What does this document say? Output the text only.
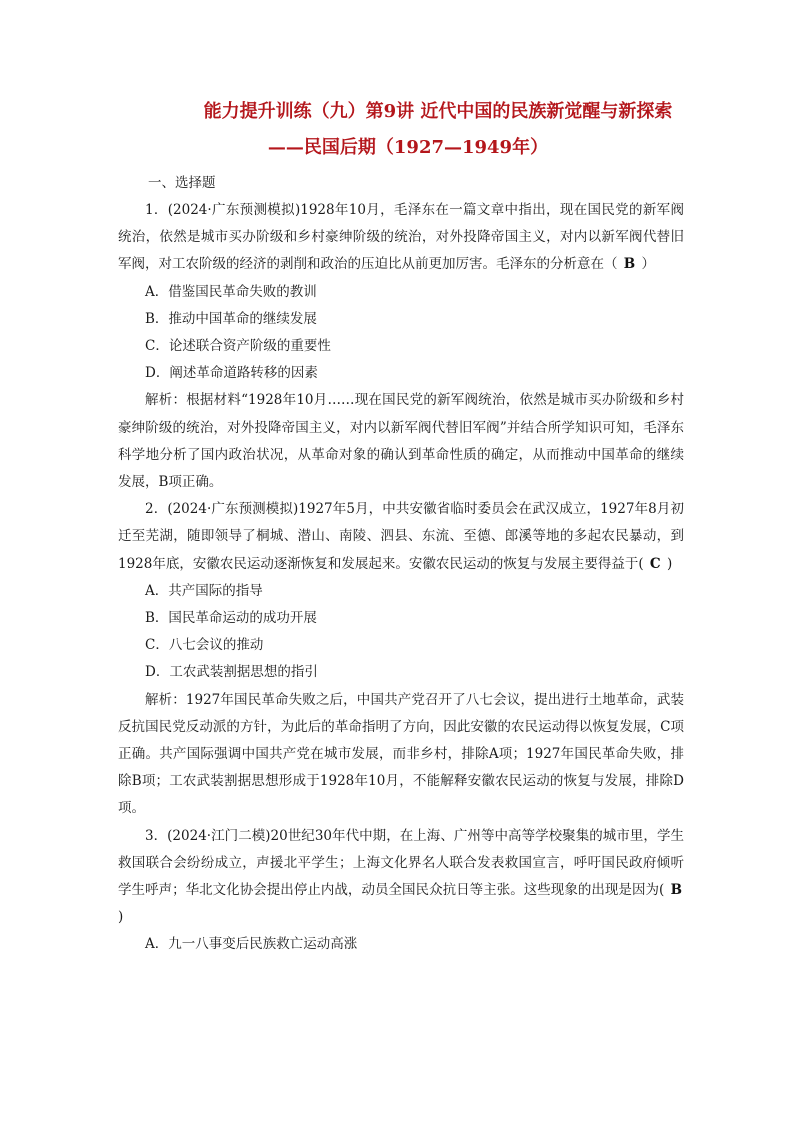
能力提升训练（九）第9讲 近代中国的民族新觉醒与新探索
——民国后期（1927—1949年）
一、选择题

1．(2024·广东预测模拟)1928年10月，毛泽东在一篇文章中指出，现在国民党的新军阀统治，依然是城市买办阶级和乡村豪绅阶级的统治，对外投降帝国主义，对内以新军阀代替旧军阀，对工农阶级的经济的剥削和政治的压迫比从前更加厉害。毛泽东的分析意在（ B ）

A．借鉴国民革命失败的教训
B．推动中国革命的继续发展
C．论述联合资产阶级的重要性
D．阐述革命道路转移的因素

解析：根据材料“1928年10月……现在国民党的新军阀统治，依然是城市买办阶级和乡村豪绅阶级的统治，对外投降帝国主义，对内以新军阀代替旧军阀”并结合所学知识可知，毛泽东科学地分析了国内政治状况，从革命对象的确认到革命性质的确定，从而推动中国革命的继续发展，B项正确。

2．(2024·广东预测模拟)1927年5月，中共安徽省临时委员会在武汉成立，1927年8月初迁至芜湖，随即领导了桐城、潜山、南陵、泗县、东流、至德、郎溪等地的多起农民暴动，到1928年底，安徽农民运动逐渐恢复和发展起来。安徽农民运动的恢复与发展主要得益于( C )

A．共产国际的指导
B．国民革命运动的成功开展
C．八七会议的推动
D．工农武装割据思想的指引

解析：1927年国民革命失败之后，中国共产党召开了八七会议，提出进行土地革命，武装反抗国民党反动派的方针，为此后的革命指明了方向，因此安徽的农民运动得以恢复发展，C项正确。共产国际强调中国共产党在城市发展，而非乡村，排除A项；1927年国民革命失败，排除B项；工农武装割据思想形成于1928年10月，不能解释安徽农民运动的恢复与发展，排除D项。

3．(2024·江门二模)20世纪30年代中期，在上海、广州等中高等学校聚集的城市里，学生救国联合会纷纷成立，声援北平学生；上海文化界名人联合发表救国宣言，呼吁国民政府倾听学生呼声；华北文化协会提出停止内战，动员全国民众抗日等主张。这些现象的出现是因为( B )

A．九一八事变后民族救亡运动高涨
